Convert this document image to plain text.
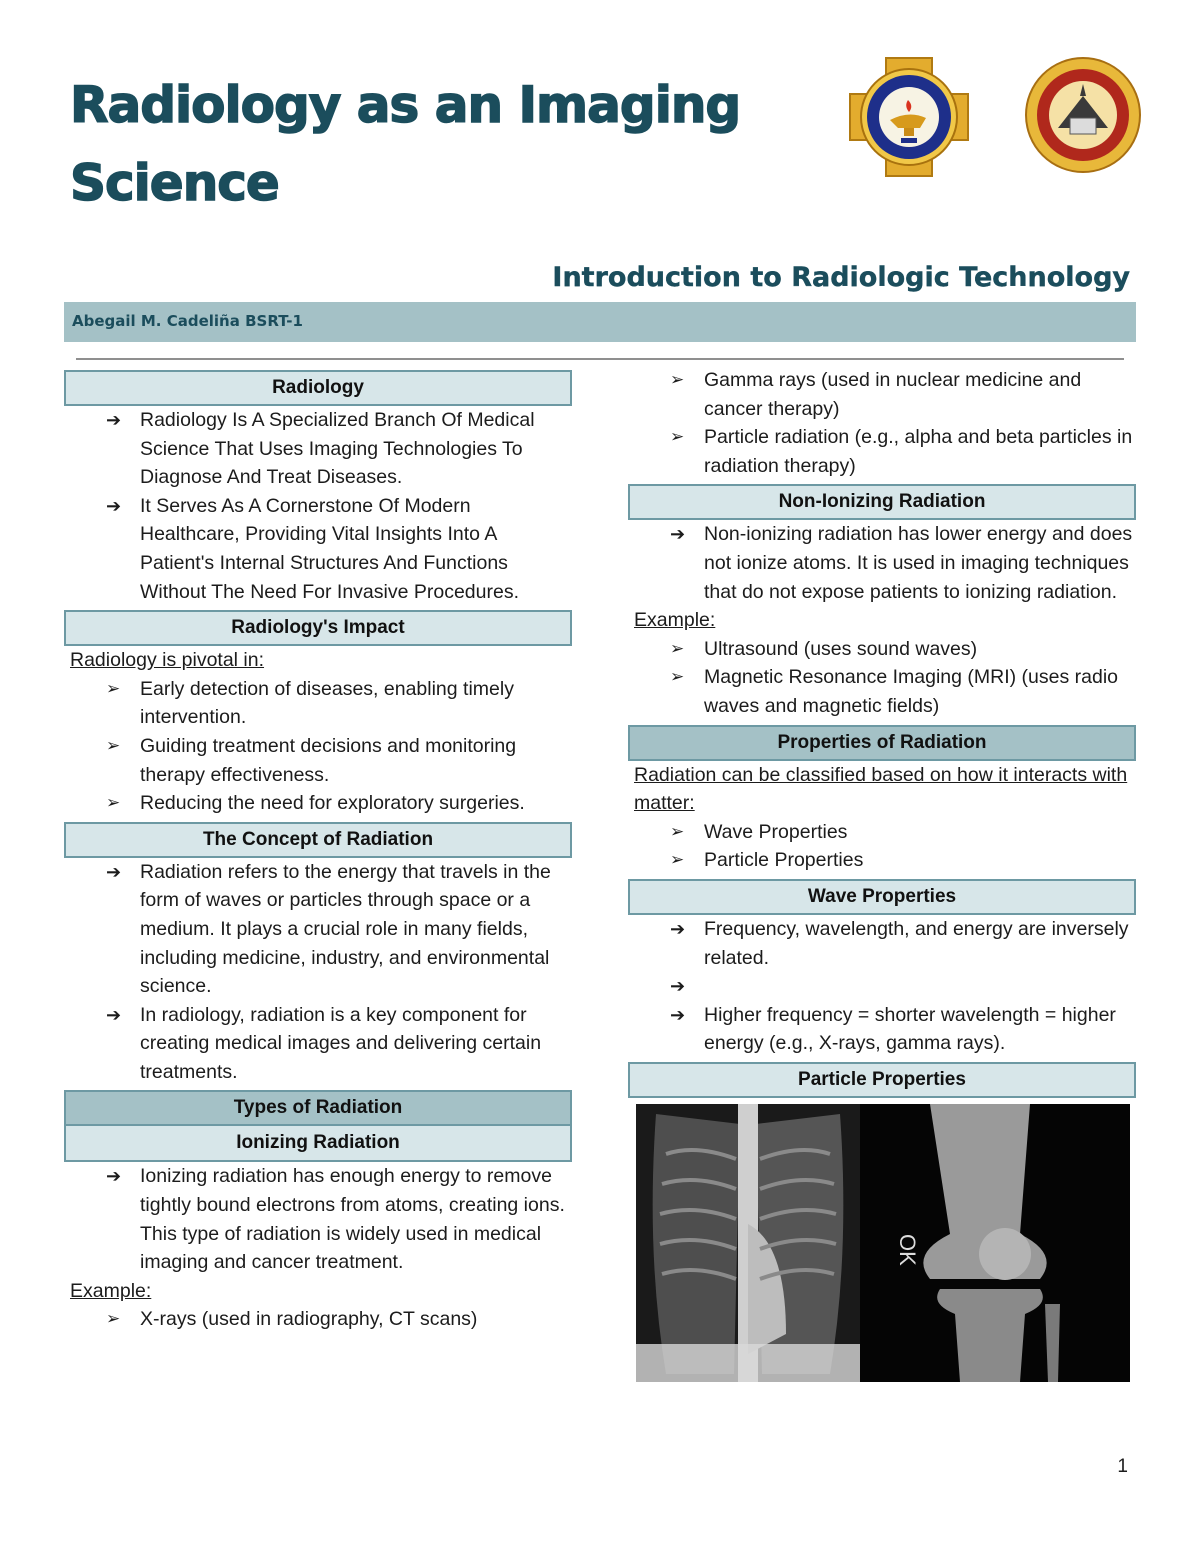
Radiology as an Imaging Science
Introduction to Radiologic Technology
Abegail M. Cadeliña BSRT-1
Radiology
➔ Radiology Is A Specialized Branch Of Medical Science That Uses Imaging Technologies To Diagnose And Treat Diseases.
➔ It Serves As A Cornerstone Of Modern Healthcare, Providing Vital Insights Into A Patient's Internal Structures And Functions Without The Need For Invasive Procedures.
Radiology's Impact
Radiology is pivotal in:
➢ Early detection of diseases, enabling timely intervention.
➢ Guiding treatment decisions and monitoring therapy effectiveness.
➢ Reducing the need for exploratory surgeries.
The Concept of Radiation
➔ Radiation refers to the energy that travels in the form of waves or particles through space or a medium. It plays a crucial role in many fields, including medicine, industry, and environmental science.
➔ In radiology, radiation is a key component for creating medical images and delivering certain treatments.
Types of Radiation
Ionizing Radiation
➔ Ionizing radiation has enough energy to remove tightly bound electrons from atoms, creating ions. This type of radiation is widely used in medical imaging and cancer treatment.
Example:
➢ X-rays (used in radiography, CT scans)
➢ Gamma rays (used in nuclear medicine and cancer therapy)
➢ Particle radiation (e.g., alpha and beta particles in radiation therapy)
Non-Ionizing Radiation
➔ Non-ionizing radiation has lower energy and does not ionize atoms. It is used in imaging techniques that do not expose patients to ionizing radiation.
Example:
➢ Ultrasound (uses sound waves)
➢ Magnetic Resonance Imaging (MRI) (uses radio waves and magnetic fields)
Properties of Radiation
Radiation can be classified based on how it interacts with matter:
➢ Wave Properties
➢ Particle Properties
Wave Properties
➔ Frequency, wavelength, and energy are inversely related.
➔
➔ Higher frequency = shorter wavelength = higher energy (e.g., X-rays, gamma rays).
Particle Properties
OK
1
